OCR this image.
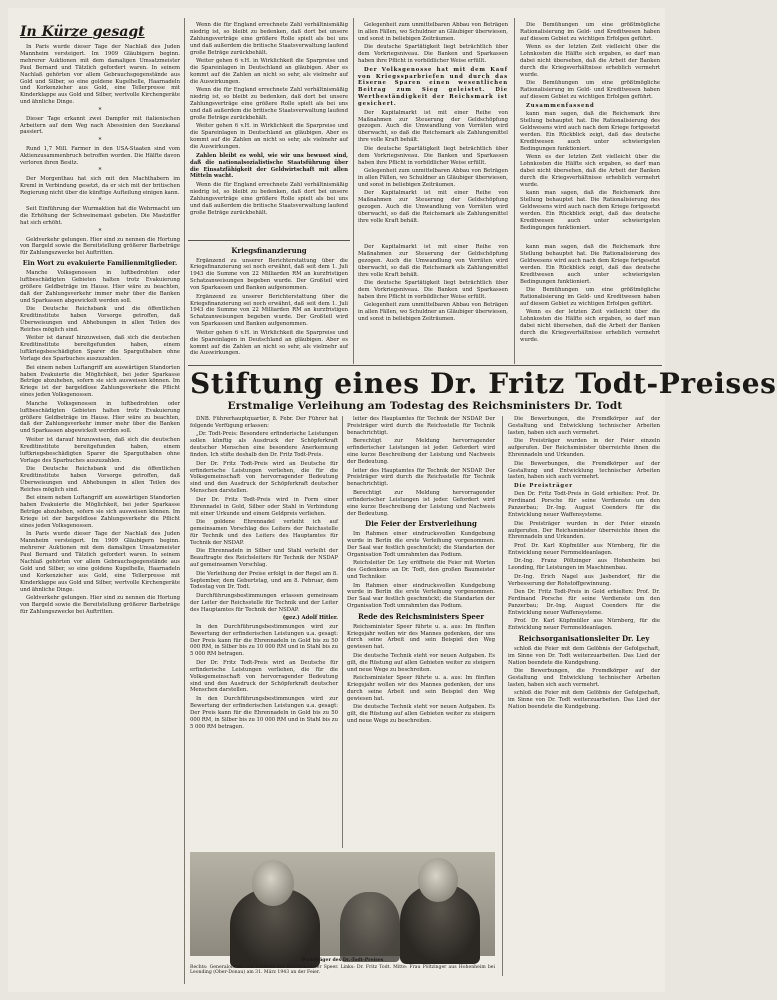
In Kürze gesagt

In Paris wurde dieser Tage der Nachlaß des Juden Mannheim versteigert. Im 1909 Gläubigern beginn. mehrerer Auktionen mit dem damaligen Umsatzmeister Paul Bernard und Tätzlich gefordert waren. In seinem Nachlaß gehörten vor allem Gebrauchsgegenstände aus Gold und Silber, so eine goldene Kugelhelle, Haarnadeln und Korkenzieher aus Gold, eine Tellerpresse mit Kinderklappe aus Gold und Silber, wertvolle Kirchengeräte und ähnliche Dinge.

*

Dieser Tage erkannt zwei Dampfer mit italienischen Arbeitern auf dem Weg nach Abessinien den Suezkanal passiert.

*

Rund 1,7 Mill. Farmer in den USA-Staaten sind vom Aktienzusammenbruch betroffen worden. Die Hälfte davon verloren ihren Besitz.

*

Der Morgenthau hat sich mit den Machthabern im Kreml in Verbindung gesetzt, da er sich mit der britischen Regierung nicht über die künftige Aufteilung einigen kann.

*

Seit Einführung der Wurmaktion hat die Wehrmacht um die Erhöhung der Schweinemast gebeten. Die Mastziffer hat sich erhöht.

*

Geldverkehr gelungen. Hier sind zu nennen die Hortung von Bargeld sowie die Bereitstellung größerer Barbeträge für Zahlungszwecke bei Auftritten.

Ein Wort zu evakuierte Familienmitglieder.

Manche Volksgenossen in luftbedrohten oder luftbeschädigten Gebieten halten trotz Evakuierung größere Geldbeträge im Hause. Hier wäre zu beachten, daß der Zahlungsverkehr immer mehr über die Banken und Sparkassen abgewickelt werden soll.

Die Deutsche Reichsbank und die öffentlichen Kreditinstitute haben Vorsorge getroffen, daß Überweisungen und Abhebungen in allen Teilen des Reiches möglich sind.

Weiter ist darauf hinzuweisen, daß sich die deutschen Kreditinstitute bereitgefunden haben, einem luftkriegsbeschädigten Sparer die Sparguthaben ohne Vorlage des Sparbuches auszuzahlen.

Bei einem neben Luftangriff am auswärtigen Standorten haben Evakuierte die Möglichkeit, bei jeder Sparkasse Beträge abzuheben, sofern sie sich ausweisen können. Im Kriege ist der bargeldlose Zahlungsverkehr die Pflicht eines jeden Volksgenossen.

Manche Volksgenossen in luftbedrohten oder luftbeschädigten Gebieten halten trotz Evakuierung größere Geldbeträge im Hause. Hier wäre zu beachten, daß der Zahlungsverkehr immer mehr über die Banken und Sparkassen abgewickelt werden soll.

Weiter ist darauf hinzuweisen, daß sich die deutschen Kreditinstitute bereitgefunden haben, einem luftkriegsbeschädigten Sparer die Sparguthaben ohne Vorlage des Sparbuches auszuzahlen.

Die Deutsche Reichsbank und die öffentlichen Kreditinstitute haben Vorsorge getroffen, daß Überweisungen und Abhebungen in allen Teilen des Reiches möglich sind.

Bei einem neben Luftangriff am auswärtigen Standorten haben Evakuierte die Möglichkeit, bei jeder Sparkasse Beträge abzuheben, sofern sie sich ausweisen können. Im Kriege ist der bargeldlose Zahlungsverkehr die Pflicht eines jeden Volksgenossen.

In Paris wurde dieser Tage der Nachlaß des Juden Mannheim versteigert. Im 1909 Gläubigern beginn. mehrerer Auktionen mit dem damaligen Umsatzmeister Paul Bernard und Tätzlich gefordert waren. In seinem Nachlaß gehörten vor allem Gebrauchsgegenstände aus Gold und Silber, so eine goldene Kugelhelle, Haarnadeln und Korkenzieher aus Gold, eine Tellerpresse mit Kinderklappe aus Gold und Silber, wertvolle Kirchengeräte und ähnliche Dinge.

Geldverkehr gelungen. Hier sind zu nennen die Hortung von Bargeld sowie die Bereitstellung größerer Barbeträge für Zahlungszwecke bei Auftritten.

Wenn die für England errechnete Zahl verhältnismäßig niedrig ist, so bleibt zu bedenken, daß dort bei unsere Zahlungsverträge eine größere Rolle spielt als bei uns und daß außerdem die britische Staatsverwaltung laufend große Beträge zurückbehält.

Weiter gehen 6 v.H. in Wirklichkeit die Sparpreise und die Spareinlagen in Deutschland an gläubigen. Aber es kommt auf die Zahlen an nicht so sehr, als vielmehr auf die Auswirkungen.

Wenn die für England errechnete Zahl verhältnismäßig niedrig ist, so bleibt zu bedenken, daß dort bei unsere Zahlungsverträge eine größere Rolle spielt als bei uns und daß außerdem die britische Staatsverwaltung laufend große Beträge zurückbehält.

Weiter gehen 6 v.H. in Wirklichkeit die Sparpreise und die Spareinlagen in Deutschland an gläubigen. Aber es kommt auf die Zahlen an nicht so sehr, als vielmehr auf die Auswirkungen.

Zahlen bleibt es wohl, wie wir uns bewusst sind, daß die nationalsozialistische Staatsführung über die Einsatzfähigkeit der Geldwirtschaft mit allen Mitteln wacht.

Wenn die für England errechnete Zahl verhältnismäßig niedrig ist, so bleibt zu bedenken, daß dort bei unsere Zahlungsverträge eine größere Rolle spielt als bei uns und daß außerdem die britische Staatsverwaltung laufend große Beträge zurückbehält.

Kriegsfinanzierung

Ergänzend zu unserer Berichterstattung über die Kriegsfinanzierung sei noch erwähnt, daß seit dem 1. Juli 1943 die Summe von 22 Milliarden RM an kurzfristigen Schatzanweisungen begeben wurde. Der Großteil wird von Sparkassen und Banken aufgenommen.

Ergänzend zu unserer Berichterstattung über die Kriegsfinanzierung sei noch erwähnt, daß seit dem 1. Juli 1943 die Summe von 22 Milliarden RM an kurzfristigen Schatzanweisungen begeben wurde. Der Großteil wird von Sparkassen und Banken aufgenommen.

Weiter gehen 6 v.H. in Wirklichkeit die Sparpreise und die Spareinlagen in Deutschland an gläubigen. Aber es kommt auf die Zahlen an nicht so sehr, als vielmehr auf die Auswirkungen.

Gelegenheit zum unmittelbaren Abbau von Beträgen in allen Fällen, wo Schuldner an Gläubiger überwiesen, und sonst in beliebigen Zeiträumen.

Die deutsche Spartätigkeit liegt beträchtlich über dem Vorkriegsniveau. Die Banken und Sparkassen haben ihre Pflicht in vorbildlicher Weise erfüllt.

Der Volksgenosse hat mit dem Kauf von Kriegssparbriefen und durch das Eiserne Sparen einen wesentlichen Beitrag zum Sieg geleistet. Die Wertbeständigkeit der Reichsmark ist gesichert.

Der Kapitalmarkt ist mit einer Reihe von Maßnahmen zur Steuerung der Geldschöpfung gezogen. Auch die Umwandlung von Vorräten wird überwacht, so daß die Reichsmark als Zahlungsmittel ihre volle Kraft behält.

Die deutsche Spartätigkeit liegt beträchtlich über dem Vorkriegsniveau. Die Banken und Sparkassen haben ihre Pflicht in vorbildlicher Weise erfüllt.

Gelegenheit zum unmittelbaren Abbau von Beträgen in allen Fällen, wo Schuldner an Gläubiger überwiesen, und sonst in beliebigen Zeiträumen.

Der Kapitalmarkt ist mit einer Reihe von Maßnahmen zur Steuerung der Geldschöpfung gezogen. Auch die Umwandlung von Vorräten wird überwacht, so daß die Reichsmark als Zahlungsmittel ihre volle Kraft behält.

Der Kapitalmarkt ist mit einer Reihe von Maßnahmen zur Steuerung der Geldschöpfung gezogen. Auch die Umwandlung von Vorräten wird überwacht, so daß die Reichsmark als Zahlungsmittel ihre volle Kraft behält.

Die deutsche Spartätigkeit liegt beträchtlich über dem Vorkriegsniveau. Die Banken und Sparkassen haben ihre Pflicht in vorbildlicher Weise erfüllt.

Gelegenheit zum unmittelbaren Abbau von Beträgen in allen Fällen, wo Schuldner an Gläubiger überwiesen, und sonst in beliebigen Zeiträumen.

Die Bemühungen um eine größtmögliche Rationalisierung im Geld- und Kreditwesen haben auf diesem Gebiet zu wichtigen Erfolgen geführt.

Wenn es der letzten Zeit vielleicht über die Lohnkosten die Hälfte sich ergaben, so darf man dabei nicht übersehen, daß die Arbeit der Banken durch die Kriegsverhältnisse erheblich vermehrt wurde.

Die Bemühungen um eine größtmögliche Rationalisierung im Geld- und Kreditwesen haben auf diesem Gebiet zu wichtigen Erfolgen geführt.

Zusammenfassend

kann man sagen, daß die Reichsmark ihre Stellung behauptet hat. Die Rationalisierung des Geldwesens wird auch nach dem Kriege fortgesetzt werden. Ein Rückblick zeigt, daß das deutsche Kreditwesen auch unter schwierigsten Bedingungen funktioniert.

Wenn es der letzten Zeit vielleicht über die Lohnkosten die Hälfte sich ergaben, so darf man dabei nicht übersehen, daß die Arbeit der Banken durch die Kriegsverhältnisse erheblich vermehrt wurde.

kann man sagen, daß die Reichsmark ihre Stellung behauptet hat. Die Rationalisierung des Geldwesens wird auch nach dem Kriege fortgesetzt werden. Ein Rückblick zeigt, daß das deutsche Kreditwesen auch unter schwierigsten Bedingungen funktioniert.

kann man sagen, daß die Reichsmark ihre Stellung behauptet hat. Die Rationalisierung des Geldwesens wird auch nach dem Kriege fortgesetzt werden. Ein Rückblick zeigt, daß das deutsche Kreditwesen auch unter schwierigsten Bedingungen funktioniert.

Die Bemühungen um eine größtmögliche Rationalisierung im Geld- und Kreditwesen haben auf diesem Gebiet zu wichtigen Erfolgen geführt.

Wenn es der letzten Zeit vielleicht über die Lohnkosten die Hälfte sich ergaben, so darf man dabei nicht übersehen, daß die Arbeit der Banken durch die Kriegsverhältnisse erheblich vermehrt wurde.

Stiftung eines Dr. Fritz Todt-Preises
Erstmalige Verleihung am Todestag des Reichsministers Dr. Todt

DNB. Führerhauptquartier, 8. Febr. Der Führer hat folgende Verfügung erlassen:

„Dr. Todt-Preis: Besondere erfinderische Leistungen sollen künftig als Ausdruck der Schöpferkraft deutscher Menschen eine besondere Anerkennung finden. Ich stifte deshalb den Dr. Fritz Todt-Preis.

Der Dr. Fritz Todt-Preis wird an Deutsche für erfinderische Leistungen verliehen, die für die Volksgemeinschaft von hervorragender Bedeutung sind und den Ausdruck der Schöpferkraft deutscher Menschen darstellen.

Der Dr. Fritz Todt-Preis wird in Form einer Ehrennadel in Gold, Silber oder Stahl in Verbindung mit einer Urkunde und einem Geldpreis verliehen.

Die goldene Ehrennadel verleiht ich auf gemeinsamen Vorschlag des Leiters der Reichsstelle für Technik und des Leiters des Hauptamtes für Technik der NSDAP.

Die Ehrennadeln in Silber und Stahl verleiht der Beauftragte des Reichsleiters für Technik der NSDAP auf gemeinsamen Vorschlag.

Die Verleihung der Preise erfolgt in der Regel am 8. September, dem Geburtstag, und am 8. Februar, dem Todestag von Dr. Todt.

Durchführungsbestimmungen erlassen gemeinsam der Leiter der Reichsstelle für Technik und der Leiter des Hauptamtes für Technik der NSDAP.

(gez.) Adolf Hitler.

In den Durchführungsbestimmungen wird zur Bewertung der erfinderischen Leistungen u.a. gesagt: Der Preis kann für die Ehrennadeln in Gold bis zu 50 000 RM, in Silber bis zu 10 000 RM und in Stahl bis zu 5 000 RM betragen.

Der Dr. Fritz Todt-Preis wird an Deutsche für erfinderische Leistungen verliehen, die für die Volksgemeinschaft von hervorragender Bedeutung sind und den Ausdruck der Schöpferkraft deutscher Menschen darstellen.

In den Durchführungsbestimmungen wird zur Bewertung der erfinderischen Leistungen u.a. gesagt: Der Preis kann für die Ehrennadeln in Gold bis zu 50 000 RM, in Silber bis zu 10 000 RM und in Stahl bis zu 5 000 RM betragen.

leiter des Hauptamtes für Technik der NSDAP. Der Preisträger wird durch die Reichsstelle für Technik benachrichtigt.

Berechtigt zur Meldung hervorragender erfinderischer Leistungen ist jeder. Gefordert wird eine kurze Beschreibung der Leistung und Nachweis der Bedeutung.

leiter des Hauptamtes für Technik der NSDAP. Der Preisträger wird durch die Reichsstelle für Technik benachrichtigt.

Berechtigt zur Meldung hervorragender erfinderischer Leistungen ist jeder. Gefordert wird eine kurze Beschreibung der Leistung und Nachweis der Bedeutung.

Die Feier der Erstverleihung

Im Rahmen einer eindrucksvollen Kundgebung wurde in Berlin die erste Verleihung vorgenommen. Der Saal war festlich geschmückt; die Standarten der Organisation Todt umrahmten das Podium.

Reichsleiter Dr. Ley eröffnete die Feier mit Worten des Gedenkens an Dr. Todt, den großen Baumeister und Techniker.

Im Rahmen einer eindrucksvollen Kundgebung wurde in Berlin die erste Verleihung vorgenommen. Der Saal war festlich geschmückt; die Standarten der Organisation Todt umrahmten das Podium.

Rede des Reichsministers Speer

Reichsminister Speer führte u. a. aus: Im fünften Kriegsjahr wollen wir des Mannes gedenken, der uns durch seine Arbeit und sein Beispiel den Weg gewiesen hat.

Die deutsche Technik steht vor neuen Aufgaben. Es gilt, die Rüstung auf allen Gebieten weiter zu steigern und neue Wege zu beschreiten.

Reichsminister Speer führte u. a. aus: Im fünften Kriegsjahr wollen wir des Mannes gedenken, der uns durch seine Arbeit und sein Beispiel den Weg gewiesen hat.

Die deutsche Technik steht vor neuen Aufgaben. Es gilt, die Rüstung auf allen Gebieten weiter zu steigern und neue Wege zu beschreiten.

Die Bewerbungen, die Fremdkörper auf der Gestaltung und Entwicklung technischer Arbeiten lasten, haben sich auch vermehrt.

Die Preisträger wurden in der Feier einzeln aufgerufen. Der Reichsminister überreichte ihnen die Ehrennadeln und Urkunden.

Die Bewerbungen, die Fremdkörper auf der Gestaltung und Entwicklung technischer Arbeiten lasten, haben sich auch vermehrt.

Die Preisträger

Den Dr. Fritz Todt-Preis in Gold erhielten: Prof. Dr. Ferdinand Porsche für seine Verdienste um den Panzerbau; Dr.-Ing. August Coenders für die Entwicklung neuer Waffensysteme.

Die Preisträger wurden in der Feier einzeln aufgerufen. Der Reichsminister überreichte ihnen die Ehrennadeln und Urkunden.

Prof. Dr. Karl Küpfmüller aus Nürnberg, für die Entwicklung neuer Fernmeldeanlagen.

Dr.-Ing. Franz Pöltzinger aus Hohenheim bei Leonding, für Leistungen im Maschinenbau.

Dr.-Ing. Erich Nagel aus Jasbendorf, für die Verbesserung der Rohstoffgewinnung.

Den Dr. Fritz Todt-Preis in Gold erhielten: Prof. Dr. Ferdinand Porsche für seine Verdienste um den Panzerbau; Dr.-Ing. August Coenders für die Entwicklung neuer Waffensysteme.

Prof. Dr. Karl Küpfmüller aus Nürnberg, für die Entwicklung neuer Fernmeldeanlagen.

Reichsorganisationsleiter Dr. Ley

schloß die Feier mit dem Gelöbnis der Gefolgschaft, im Sinne von Dr. Todt weiterzuarbeiten. Das Lied der Nation beendete die Kundgebung.

Die Bewerbungen, die Fremdkörper auf der Gestaltung und Entwicklung technischer Arbeiten lasten, haben sich auch vermehrt.

schloß die Feier mit dem Gelöbnis der Gefolgschaft, im Sinne von Dr. Todt weiterzuarbeiten. Das Lied der Nation beendete die Kundgebung.

Preisträger des Dr.-Todt-Preises
Rechts: Generaloberst von Gallwitz mit Reichsminister Speer. Links: Dr. Fritz Todt. Mitte: Frau Pöltzinger aus Hohenheim bei Leonding (Ober-Donau) am 31. März 1943 an der Feier.
